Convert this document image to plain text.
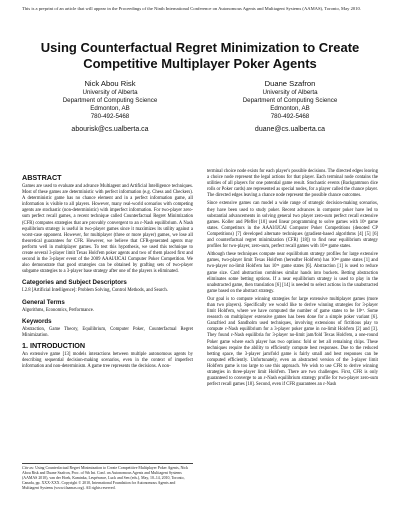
This is a preprint of an article that will appear in the Proceedings of the Ninth International Conference on Autonomous Agents and Multiagent Systems (AAMAS), Toronto, May 2010.
Using Counterfactual Regret Minimization to Create Competitive Multiplayer Poker Agents
Nick Abou Risk
University of Alberta
Department of Computing Science
Edmonton, AB
780-492-5468
abourisk@cs.ualberta.ca
Duane Szafron
University of Alberta
Department of Computing Science
Edmonton, AB
780-492-5468
duane@cs.ualberta.ca
ABSTRACT

Games are used to evaluate and advance Multiagent and Artificial Intelligence techniques. Most of these games are deterministic with perfect information (e.g. Chess and Checkers). A deterministic game has no chance element and in a perfect information game, all information is visible to all players. However, many real-world scenarios with competing agents are stochastic (non-deterministic) with imperfect information. For two-player zero-sum perfect recall games, a recent technique called Counterfactual Regret Minimization (CFR) computes strategies that are provably convergent to an ε-Nash equilibrium. A Nash equilibrium strategy is useful in two-player games since it maximizes its utility against a worst-case opponent. However, for multiplayer (three or more player) games, we lose all theoretical guarantees for CFR. However, we believe that CFR-generated agents may perform well in multiplayer games. To test this hypothesis, we used this technique to create several 3-player limit Texas Hold'em poker agents and two of them placed first and second in the 3-player event of the 2009 AAAI/IJCAI Computer Poker Competition. We also demonstrate that good strategies can be obtained by grafting sets of two-player subgame strategies to a 3-player base strategy after one of the players is eliminated.

Categories and Subject Descriptors

I.2.8 [Artificial Intelligence]: Problem Solving, Control Methods, and Search.

General Terms

Algorithms, Economics, Performance.

Keywords

Abstraction, Game Theory, Equilibrium, Computer Poker, Counterfactual Regret Minimization.

1. INTRODUCTION

An extensive game [13] models interactions between multiple autonomous agents by describing sequential decision-making scenarios, even in the context of imperfect information and non-determinism. A game tree represents the decisions. A non-

Cite as: Using Counterfactual Regret Minimization to Create Competitive Multiplayer Poker Agents, Nick Abou Risk and Duane Szafron, Proc. of 9th Int. Conf. on Autonomous Agents and Multiagent Systems (AAMAS 2010), van der Hoek, Kaminka, Lespérance, Luck and Sen (eds.), May, 10–14, 2010, Toronto, Canada, pp. XXX-XXX. Copyright © 2010, International Foundation for Autonomous Agents and Multiagent Systems (www.ifaamas.org). All rights reserved.

terminal choice node exists for each player's possible decisions. The directed edges leaving a choice node represent the legal actions for that player. Each terminal node contains the utilities of all players for one potential game result. Stochastic events (Backgammon dice rolls or Poker cards) are represented as special nodes, for a player called the chance player. The directed edges leaving a chance node represent the possible chance outcomes.

Since extensive games can model a wide range of strategic decision-making scenarios, they have been used to study poker. Recent advances in computer poker have led to substantial advancements in solving general two player zero-sum perfect recall extensive games. Koller and Pfeffer [10] used linear programming to solve games with 10⁵ game states. Competitors in the AAAI/IJCAI Computer Poker Competitions (denoted CP Competitions) [7] developed alternate techniques (gradient-based algorithms [4] [5] [6] and counterfactual regret minimization (CFR) [18]) to find near equilibrium strategy profiles for two-player, zero-sum, perfect recall games with 10¹² game states.

Although these techniques compute near equilibrium strategy profiles for large extensive games, two-player limit Texas Hold'em (hereafter Hold'em) has 10¹⁸ game states [1] and two-player no-limit Hold'em has 10⁷¹ game states [6]. Abstraction [1] is used to reduce game size. Card abstraction combines similar hands into buckets. Betting abstraction eliminates some betting options. If a near equilibrium strategy is used to play in the unabstracted game, then translation [6] [14] is needed to select actions in the unabstracted game based on the abstract strategy.

Our goal is to compute winning strategies for large extensive multiplayer games (more than two players). Specifically we would like to derive winning strategies for 3-player limit Hold'em, where we have computed the number of game states to be 10¹⁷. Some research on multiplayer extensive games has been done for a simple poker variant [6]. Ganzfried and Sandholm used techniques, involving extensions of fictitious play to compute ε-Nash equilibrium for a 3-player poker game in no-limit Hold'em [2] and [3]. They found ε-Nash equilibria for 3-player no-limit jam/fold Texas Hold'em, a one-round Poker game where each player has two options: fold or bet all remaining chips. These techniques require the ability to efficiently compute best responses. Due to the reduced betting space, the 3-player jam/fold game is fairly small and best responses can be computed efficiently. Unfortunately, even an abstracted version of the 3-player limit Hold'em game is too large to use this approach. We wish to use CFR to derive winning strategies in three-player limit Hold'em. There are two challenges. First, CFR is only guaranteed to converge to an ε-Nash equilibrium strategy profile for two-player zero-sum perfect recall games [18]. Second, even if CFR guarantees an ε-Nash
